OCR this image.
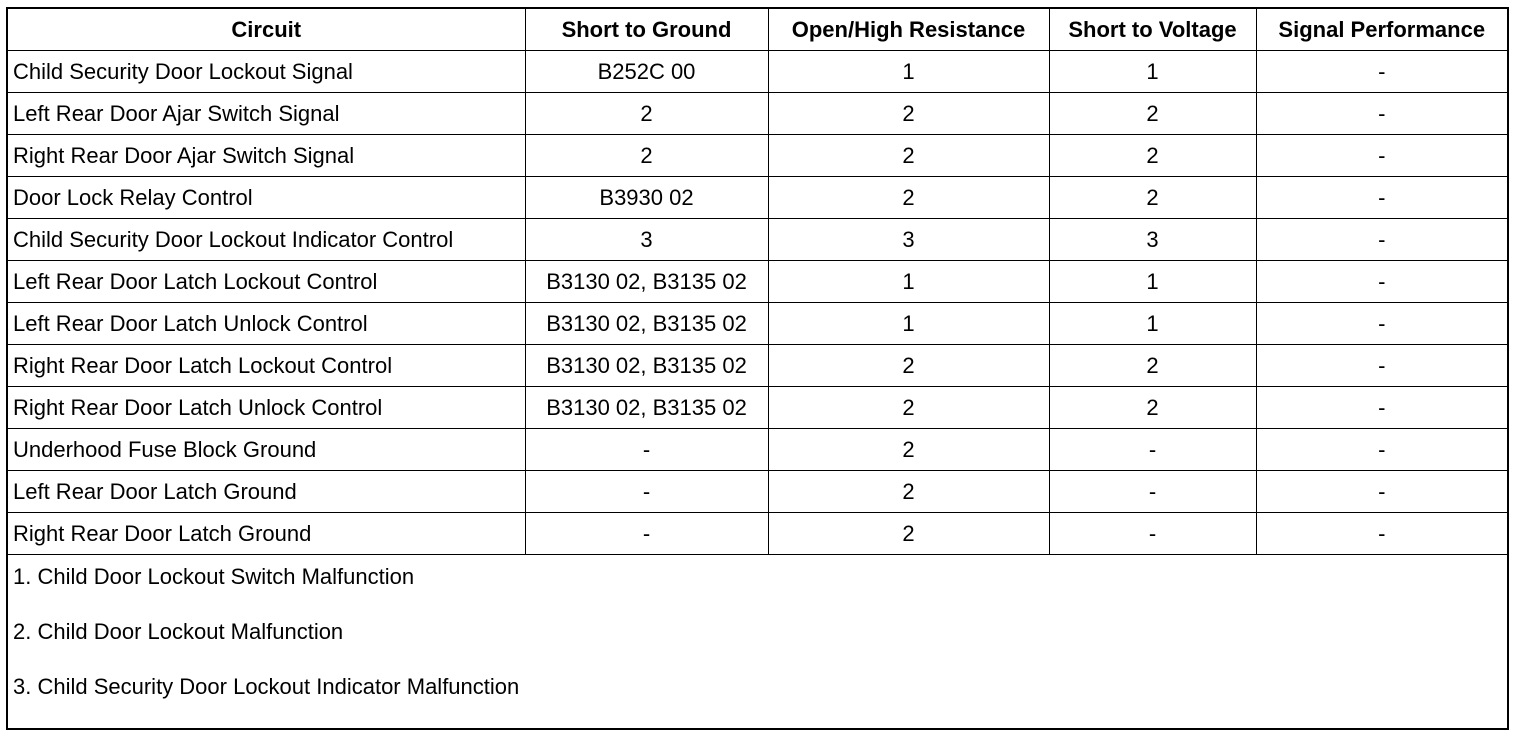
Circuit	Short to Ground	Open/High Resistance	Short to Voltage	Signal Performance
Child Security Door Lockout Signal	B252C 00	1	1	-
Left Rear Door Ajar Switch Signal	2	2	2	-
Right Rear Door Ajar Switch Signal	2	2	2	-
Door Lock Relay Control	B3930 02	2	2	-
Child Security Door Lockout Indicator Control	3	3	3	-
Left Rear Door Latch Lockout Control	B3130 02, B3135 02	1	1	-
Left Rear Door Latch Unlock Control	B3130 02, B3135 02	1	1	-
Right Rear Door Latch Lockout Control	B3130 02, B3135 02	2	2	-
Right Rear Door Latch Unlock Control	B3130 02, B3135 02	2	2	-
Underhood Fuse Block Ground	-	2	-	-
Left Rear Door Latch Ground	-	2	-	-
Right Rear Door Latch Ground	-	2	-	-

1. Child Door Lockout Switch Malfunction
2. Child Door Lockout Malfunction
3. Child Security Door Lockout Indicator Malfunction				
